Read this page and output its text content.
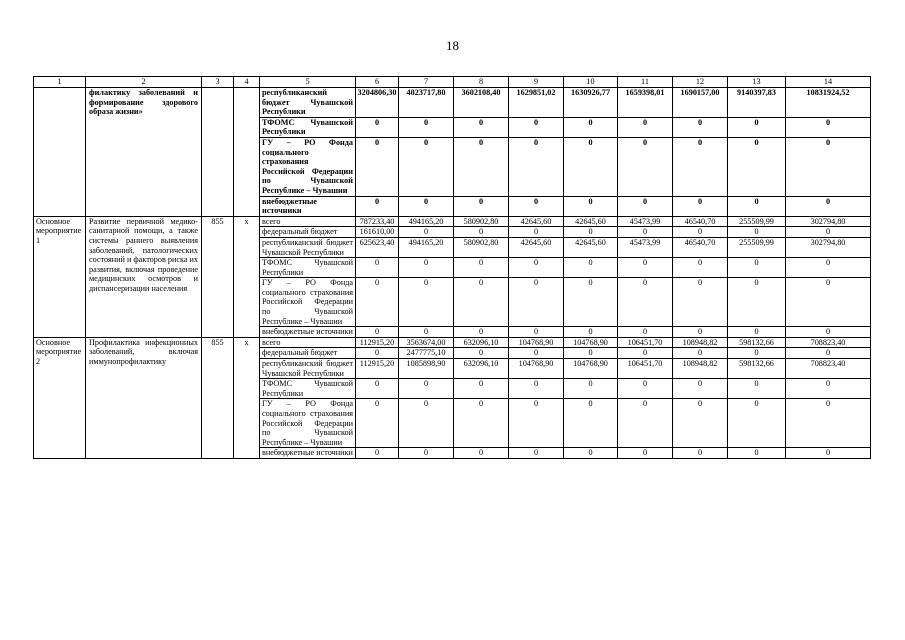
18
1	2	3	4	5	6	7	8	9	10	11	12	13	14
	филактику заболеваний и формирование здорового образа жизни»			республиканский бюджет Чувашской Республики	3204806,30	4023717,80	3602108,40	1629851,02	1630926,77	1659398,01	1690157,00	9140397,83	10831924,52
				ТФОМС Чувашской Республики	0	0	0	0	0	0	0	0	0
				ГУ – РО Фонда социального страхования Российской Федерации по Чувашской Республике – Чувашии	0	0	0	0	0	0	0	0	0
				внебюджетные источники	0	0	0	0	0	0	0	0	0
Основное мероприятие 1	Развитие первичной медико-санитарной помощи, а также системы раннего выявления заболеваний, патологических состояний и факторов риска их развития, включая проведение медицинских осмотров и диспансеризации населения	855	x	всего	787233,40	494165,20	580902,80	42645,60	42645,60	45473,99	46540,70	255509,99	302794,80
				федеральный бюджет	161610,00	0	0	0	0	0	0	0	0
				республиканский бюджет Чувашской Республики	625623,40	494165,20	580902,80	42645,60	42645,60	45473,99	46540,70	255509,99	302794,80
				ТФОМС Чувашской Республики	0	0	0	0	0	0	0	0	0
				ГУ – РО Фонда социального страхования Российской Федерации по Чувашской Республике – Чувашии	0	0	0	0	0	0	0	0	0
				внебюджетные источники	0	0	0	0	0	0	0	0	0
Основное мероприятие 2	Профилактика инфекционных заболеваний, включая иммунопрофилактику	855	x	всего	112915,20	3563674,00	632096,10	104768,90	104768,90	106451,70	108948,82	598132,66	708823,40
				федеральный бюджет	0	2477775,10	0	0	0	0	0	0	0
				республиканский бюджет Чувашской Республики	112915,20	1085898,90	632096,10	104768,90	104768,90	106451,70	108948,82	598132,66	708823,40
				ТФОМС Чувашской Республики	0	0	0	0	0	0	0	0	0
				ГУ – РО Фонда социального страхования Российской Федерации по Чувашской Республике – Чувашии	0	0	0	0	0	0	0	0	0
				внебюджетные источники	0	0	0	0	0	0	0	0	0
